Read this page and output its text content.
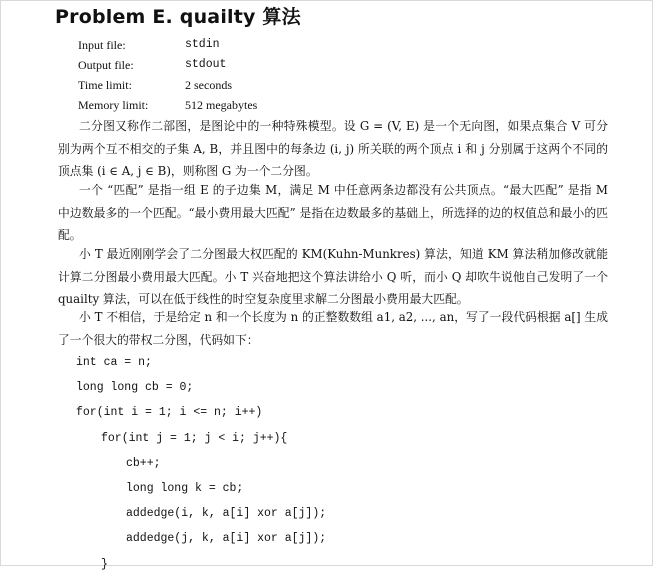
Problem E. quailty 算法
Input file:	stdin
Output file:	stdout
Time limit:	2 seconds
Memory limit:	512 megabytes

二分图又称作二部图，是图论中的一种特殊模型。设 G = (V, E) 是一个无向图，如果点集合 V 可分别为两个互不相交的子集 A, B，并且图中的每条边 (i, j) 所关联的两个顶点 i 和 j 分别属于这两个不同的顶点集 (i ∈ A, j ∈ B)，则称图 G 为一个二分图。

一个 “匹配” 是指一组 E 的子边集 M，满足 M 中任意两条边都没有公共顶点。“最大匹配” 是指 M 中边数最多的一个匹配。“最小费用最大匹配” 是指在边数最多的基础上，所选择的边的权值总和最小的匹配。

小 T 最近刚刚学会了二分图最大权匹配的 KM(Kuhn-Munkres) 算法，知道 KM 算法稍加修改就能计算二分图最小费用最大匹配。小 T 兴奋地把这个算法讲给小 Q 听，而小 Q 却吹牛说他自己发明了一个 quailty 算法，可以在低于线性的时空复杂度里求解二分图最小费用最大匹配。

小 T 不相信，于是给定 n 和一个长度为 n 的正整数数组 a1, a2, ..., an，写了一段代码根据 a[] 生成了一个很大的带权二分图，代码如下：

int ca = n;
long long cb = 0;
for(int i = 1; i <= n; i++)
for(int j = 1; j < i; j++){
cb++;
long long k = cb;
addedge(i, k, a[i] xor a[j]);
addedge(j, k, a[i] xor a[j]);
}
